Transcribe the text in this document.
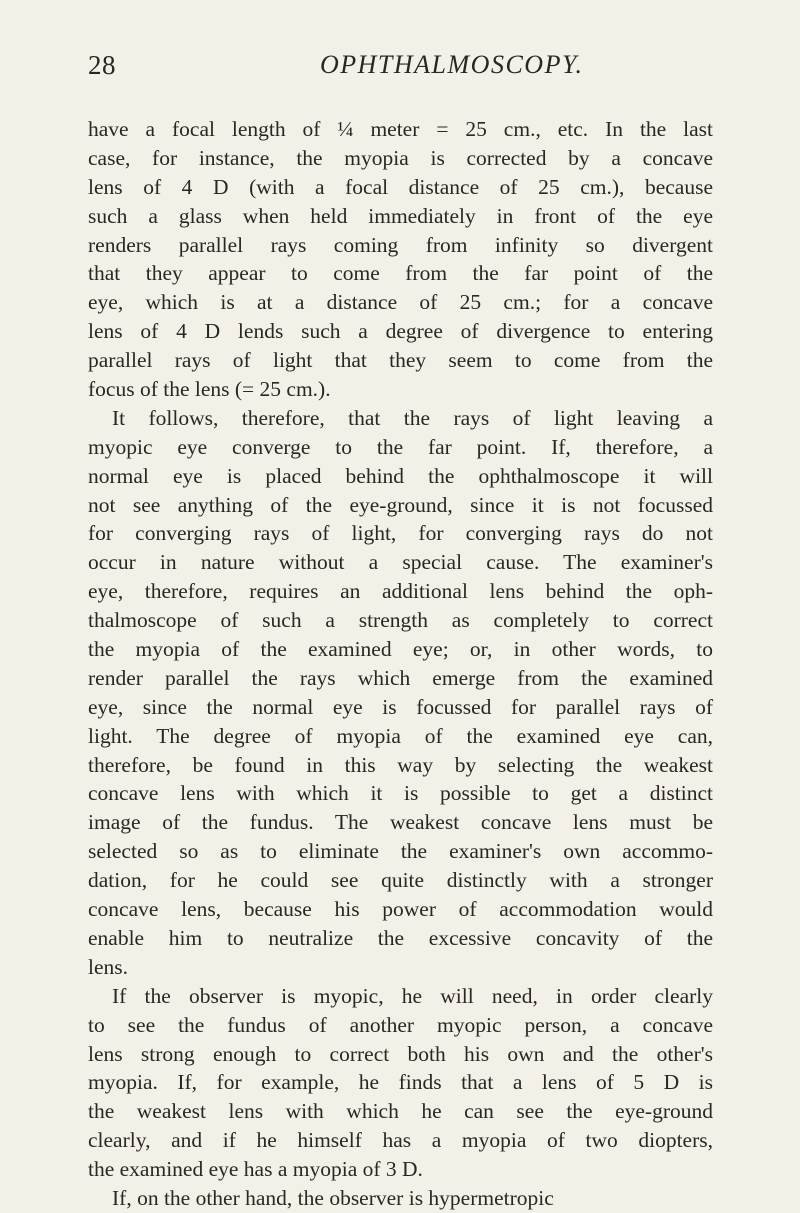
28	OPHTHALMOSCOPY.
have a focal length of ¼ meter = 25 cm., etc. In the last
case, for instance, the myopia is corrected by a concave
lens of 4 D (with a focal distance of 25 cm.), because
such a glass when held immediately in front of the eye
renders parallel rays coming from infinity so divergent
that they appear to come from the far point of the
eye, which is at a distance of 25 cm.; for a concave
lens of 4 D lends such a degree of divergence to entering
parallel rays of light that they seem to come from the
focus of the lens (= 25 cm.).
It follows, therefore, that the rays of light leaving a
myopic eye converge to the far point. If, therefore, a
normal eye is placed behind the ophthalmoscope it will
not see anything of the eye-ground, since it is not focussed
for converging rays of light, for converging rays do not
occur in nature without a special cause. The examiner's
eye, therefore, requires an additional lens behind the oph-
thalmoscope of such a strength as completely to correct
the myopia of the examined eye; or, in other words, to
render parallel the rays which emerge from the examined
eye, since the normal eye is focussed for parallel rays of
light. The degree of myopia of the examined eye can,
therefore, be found in this way by selecting the weakest
concave lens with which it is possible to get a distinct
image of the fundus. The weakest concave lens must be
selected so as to eliminate the examiner's own accommo-
dation, for he could see quite distinctly with a stronger
concave lens, because his power of accommodation would
enable him to neutralize the excessive concavity of the
lens.
If the observer is myopic, he will need, in order clearly
to see the fundus of another myopic person, a concave
lens strong enough to correct both his own and the other's
myopia. If, for example, he finds that a lens of 5 D is
the weakest lens with which he can see the eye-ground
clearly, and if he himself has a myopia of two diopters,
the examined eye has a myopia of 3 D.
If, on the other hand, the observer is hypermetropic
